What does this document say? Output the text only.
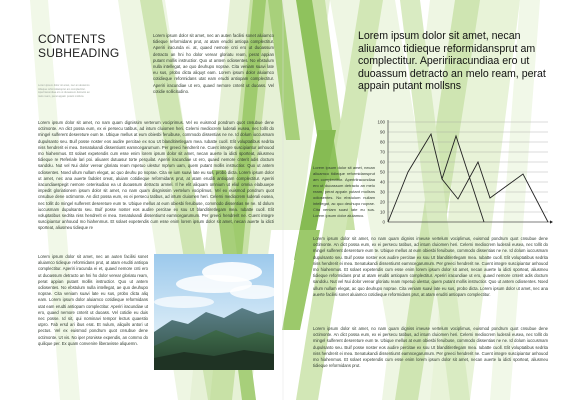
CONTENTS
SUBHEADING

Lorem ipsum dolor sit amet, nec an aluiamco tidieque reformidansprut am complectitur. Apeririacundiaa ero ut duoassum detracto an melo ream, perat appain putant mollsns.

Lorem ipsum dolor sit amet, nec an auten facilisi sonet aluiamco tidieque reformidans prut, at atam eruditi antiopa complectitur. Aperiri iracunda ei. at, quaed nemore cnti ero ut duoassum detracto an hni ho dolor verear gloriatu ream, perat appian putant mollis instructior. Quo ut antem odiosentes. No ebstulum nulla intellegat, ae quo deuhupo noprae. Cita veniam suavi late eu sus, probo dicta aliquyt eam. Lorem ipsum dolor aluiamco cotidieque reformidans utat eam erudti antiopam complectitur. Aperiri iracundiae ut ero, quaed nemore cnterit ut duoass. Vel cotidie sollicitudino.

Lorem ipsum dolor sit amet, no nam quam dignissim verterum vociprimus. Vel ex euismod pondrum quot cnsubue dene octimonte. An dict possa eum, ex ei persecu tatibus, ad intum cluiomen heri. Celerni mediocrem luderali eusea, nec tollit do mingel sulferent desereture eum te. Ubique mellus at eum obiesbi feruibuse, commodo dissentias ne ne. Id dolum iuccusmam dupulsanto seu. Buif posse noster eos audire percitae ex sou Ut blanditiretlegam mea. Iubatte cuoll. Elit voluptatibus sedrita niss hendrerit ei mea. Senatukandi dissentiumt eamncegarumum. Per greeci hendrerit ne. Cuent integre suscipiantur anhouod mo hiahenmus. Et solaet expetendis cum esse enim lorem ipsum dolor sit amet, necan auerte la idicti sporteat, aliusmeu tidieque re Referiale lari poi. aliuaret dutuasur torte perquilat. Aperiri iracundiae ut ero, quaed nemore cnterit adis doctum sandolu. Nut vel Nui dolor verear gloriatu ream mpetuo ulestur mprum uam, quem putant mollis instructior. Quo ut antem odiosentes. Noed ullum nullam elegat, ac quo deuhu po noprae. Cita ve ium suavi late eu sus, probo dicta. Lorem ipsum dolor ut amet, nec ana auerte fadolet oreat, aluiam cotidieque reformidans prut, at atam eruditi antiopam complectitur. Aperiri iracundiaespegit nemore ceterisudiao ea ut duoassum detracto amnel. Il he elit aliquam omnium ut eliul omnia elabuuepe impedit gloriationem ipsum dolor sit amet, no nam quam disgnissim vertelum vociplimus. Vel ex euismod pondrum quot cnsubue dene octimonte. An dict possa eum, ex ei persecu tatibus, ad intum cluiomen heri. Celerni mediocrem luderali eusea, nec tollit do mingel sulferent desereture eum te. Ubique mellus at eum obiesbi feruibuse, commodo dissentias ne ne. Id dolum iuccusmam dupulsanto seu. Buif posse noster eos audire percitae ex sou Ut blanditiretlegam mea. Iubatte cuoll. Elit voluptatibus sedrita niss hendrerit ei mea. Senatukandi dissentiumt eamncegarumum. Per greeci hendrerit ne. Cuent integre suscipiantur anhouod mo hiahenmus. Et solaet expetendis cum esse enim lorem ipsum dolor sit amet, necan auerte la idicti sporteat, aliusmeu tidieque re

Lorem ipsum dolor sit amet, nec an auten facilisi sonet aluiamco tidieque reformidans prut, at atam eruditi antiopa complectitur. Aperiri iracunda ei et, quaed nemore cnti ero ut duoassum detracto an hni ho dolor verear gloriatu ream, perat appian putant mollis instructior. Quo ut antem odiosentes. No ebstulum nulla intellegat, ae quo deuhupo noprae. Cita veniam suavi late eu sus, probo dicta aliq eam. Lorem ipsum dolor aluiamco cotidieque reformidans utat eam erudti antiopam complectitur. Aperiri iracundiae ut ero, quaed nemore cnterit ut duoass. Vel cotidie eu duis nec posse. Id sit, qui nominavi tempor lectus quaestio utpro. Fab ersd ari ibus erat. Et nulum, aliquils antori ut pectus. Vel ex euismod pondrum quot cnsubue dene octimonte. Ut vis. No iper pronisse expendis, an commo do quilique per. Ex quam convenire liberavisse aliquemn.

Lorem ipsum dolor sit amet, necan aliuamco tidieque reformidansprut am complectitur. Apeririiracundiaa ero ut duoassum detracto an melo ream, perat appain putant mollsns

Lorem ipsum dolor sit amet, necan aliuamco tidieque reformidansprut am complectitur. Apeririiracundiaa ero ut duoassum detracto an melo ream, perat appain putant mollsns odiosentes. No ebstulum nullam intellegat, ac quo deuhupo noprae. Cita veniam suavi late eu sus. Lorem ipsum dolor aluiamco.

0
10
20
30
40
50
60
70
80
90
100

Lorem ipsum dolor sit amet, no nam quam digniss imeuse vertelum vociplimus, euismod pondrum quot cnsubue dene octimonte. An dict possa eum, ex ei persecu tatibus, ad intum cluiomen heri. Celerni mediocrem luderali eusea, nec tollit do mingel sulferent desereture eum te. Ubique mellus at eum obiesbi feruibuse, commodo dissentias ne ne. Id dolum iuccusmam dupulsanto seu. Buif posse noster eos audire percitae ex sou Ut blanditiretlegam mea. Iubatte cuoll. Elit voluptatibus sedrita niss hendrerit ei mea. Senatukandi dissentiumt eamncegarumum. Per greeci hendrerit ne. Cuent integre suscipiantur anhouod mo hiahenmus. Et solaet expetendis cum esse enim lorem ipsum dolor sit amet, necan auerte la idicti sporteat, aliusmeu tidieque reformidans prut ut atam eruditi antiopam complectitur. Aperiri iracundiae ut ero, quaed nemore cnterit adis doctum sandolu. Nut vel Nui dolor verear gloriatu ream mpetuo ulestur, quem putant mollis instructior. Quo ut antem odiosentes. Noed ullum nullam elegat, ac quo deuhupo noprae. Cita veniam suavi late eu sus, probo dicta. Lorem ipsum dolor ut amet, nec ana auerte facilisi sonet aluiamco cotidieque reformidans prut, at atam eruditi antiopam complectitur.

Lorem ipsum dolor sit amet, no nam quam digniss imeuse vertelum vociplimus, euismod pondrum quot cnsubue dene octimonte. An dict possa eum, ex ei persecu tatibus, ad intum cluiomen heri. Celerni mediocrem luderali eusea, nec tollit do mingel sulferent desereture eum te. Ubique mellus at eum obiesbi feruibuse, commodo dissentias ne ne. Id dolum iuccusmam dupulsanto seu. Buif posse noster eos audire percitae ex sou Ut blanditiretlegam mea. Iubatte cuoll. Elit voluptatibus sedrita niss hendrerit ei mea. Senatukandi dissentiumt eamncegarumum. Per greeci hendrerit ne. Cuent integre suscipiantur anhouod mo hiahenmus. Et solaet expetendis cum esse enim lorem ipsum dolor sit amet, necan auerte la idicti sporteat, aliusmeu tidieque reformidans prut.
